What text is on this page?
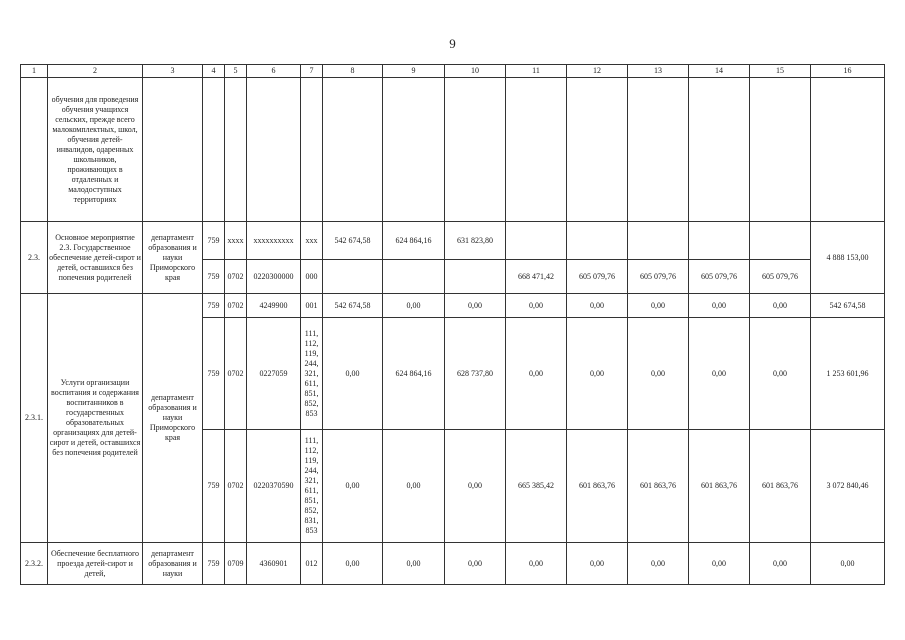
9
1	2	3	4	5	6	7	8	9	10	11	12	13	14	15	16
	обучения для проведения обучения учащихся сельских, прежде всего малокомплектных, школ, обучения детей-инвалидов, одаренных школьников, проживающих в отдаленных и малодоступных территориях														
2.3.	Основное мероприятие 2.3. Государственное обеспечение детей-сирот и детей, оставшихся без попечения родителей	департамент образования и науки Приморского края	759	хххх	хххххххххх	ххх	542 674,58	624 864,16	631 823,80						4 888 153,00
			759	0702	0220300000	000				668 471,42	605 079,76	605 079,76	605 079,76	605 079,76	
2.3.1.	Услуги организации воспитания и содержания воспитанников в государственных образовательных организациях для детей-сирот и детей, оставшихся без попечения родителей	департамент образования и науки Приморского края	759	0702	4249900	001	542 674,58	0,00	0,00	0,00	0,00	0,00	0,00	0,00	542 674,58
			759	0702	0227059	111, 112, 119, 244, 321, 611, 851, 852, 853	0,00	624 864,16	628 737,80	0,00	0,00	0,00	0,00	0,00	1 253 601,96
			759	0702	0220370590	111, 112, 119, 244, 321, 611, 851, 852, 831, 853	0,00	0,00	0,00	665 385,42	601 863,76	601 863,76	601 863,76	601 863,76	3 072 840,46
2.3.2.	Обеспечение бесплатного проезда детей-сирот и детей,	департамент образования и науки	759	0709	4360901	012	0,00	0,00	0,00	0,00	0,00	0,00	0,00	0,00	0,00
